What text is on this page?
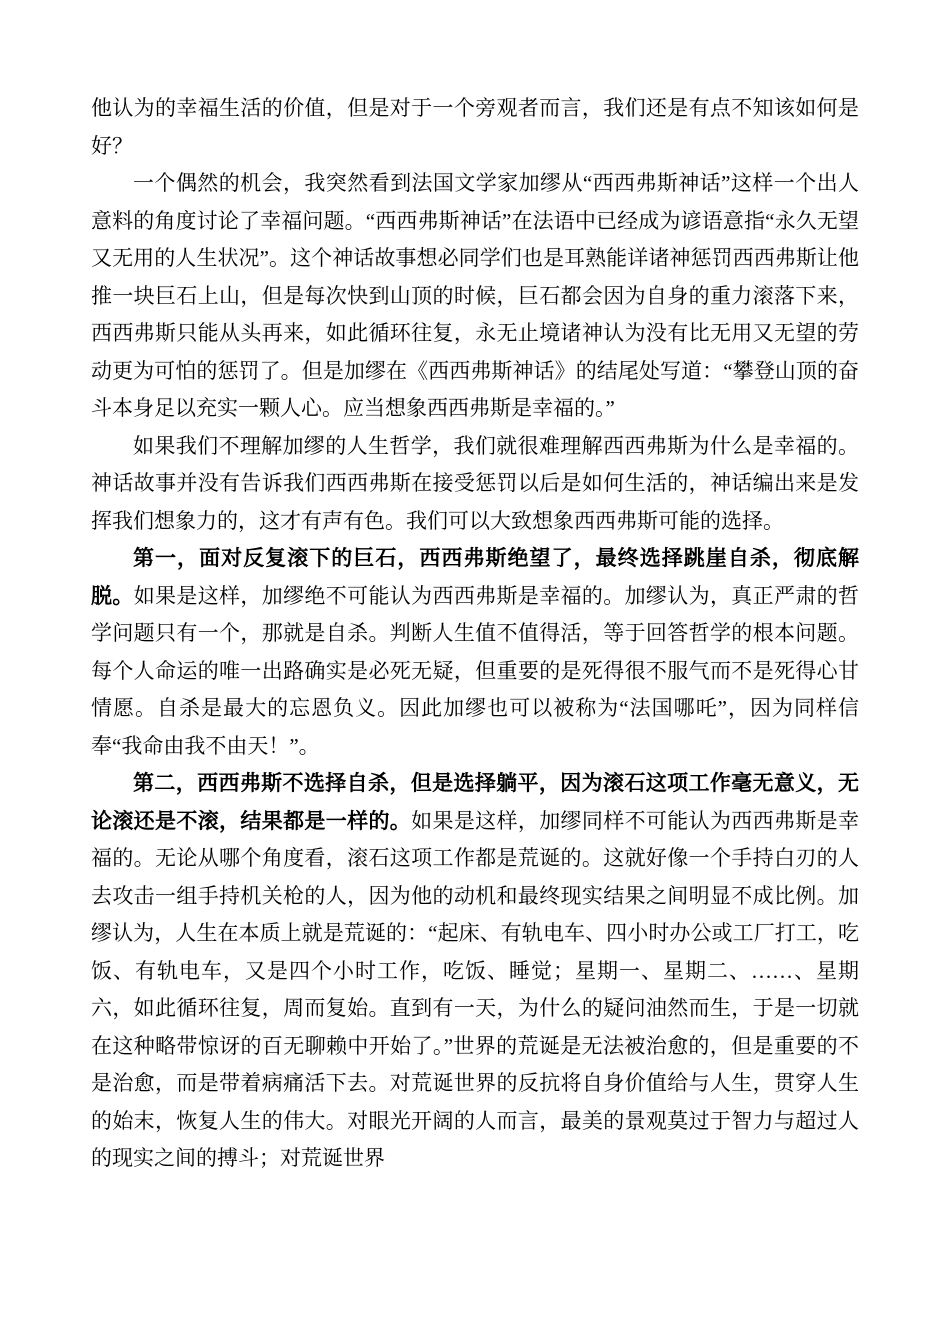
他认为的幸福生活的价值，但是对于一个旁观者而言，我们还是有点不知该如何是好？

一个偶然的机会，我突然看到法国文学家加缪从“西西弗斯神话”这样一个出人意料的角度讨论了幸福问题。“西西弗斯神话”在法语中已经成为谚语意指“永久无望又无用的人生状况”。这个神话故事想必同学们也是耳熟能详诸神惩罚西西弗斯让他推一块巨石上山，但是每次快到山顶的时候，巨石都会因为自身的重力滚落下来，西西弗斯只能从头再来，如此循环往复，永无止境诸神认为没有比无用又无望的劳动更为可怕的惩罚了。但是加缪在《西西弗斯神话》的结尾处写道：“攀登山顶的奋斗本身足以充实一颗人心。应当想象西西弗斯是幸福的。”

如果我们不理解加缪的人生哲学，我们就很难理解西西弗斯为什么是幸福的。神话故事并没有告诉我们西西弗斯在接受惩罚以后是如何生活的，神话编出来是发挥我们想象力的，这才有声有色。我们可以大致想象西西弗斯可能的选择。

第一，面对反复滚下的巨石，西西弗斯绝望了，最终选择跳崖自杀，彻底解脱。如果是这样，加缪绝不可能认为西西弗斯是幸福的。加缪认为，真正严肃的哲学问题只有一个，那就是自杀。判断人生值不值得活，等于回答哲学的根本问题。每个人命运的唯一出路确实是必死无疑，但重要的是死得很不服气而不是死得心甘情愿。自杀是最大的忘恩负义。因此加缪也可以被称为“法国哪吒”，因为同样信奉“我命由我不由天！”。

第二，西西弗斯不选择自杀，但是选择躺平，因为滚石这项工作毫无意义，无论滚还是不滚，结果都是一样的。如果是这样，加缪同样不可能认为西西弗斯是幸福的。无论从哪个角度看，滚石这项工作都是荒诞的。这就好像一个手持白刃的人去攻击一组手持机关枪的人，因为他的动机和最终现实结果之间明显不成比例。加缪认为，人生在本质上就是荒诞的：“起床、有轨电车、四小时办公或工厂打工，吃饭、有轨电车，又是四个小时工作，吃饭、睡觉；星期一、星期二、……、星期六，如此循环往复，周而复始。直到有一天，为什么的疑问油然而生，于是一切就在这种略带惊讶的百无聊赖中开始了。”世界的荒诞是无法被治愈的，但是重要的不是治愈，而是带着病痛活下去。对荒诞世界的反抗将自身价值给与人生，贯穿人生的始末，恢复人生的伟大。对眼光开阔的人而言，最美的景观莫过于智力与超过人的现实之间的搏斗；对荒诞世界
